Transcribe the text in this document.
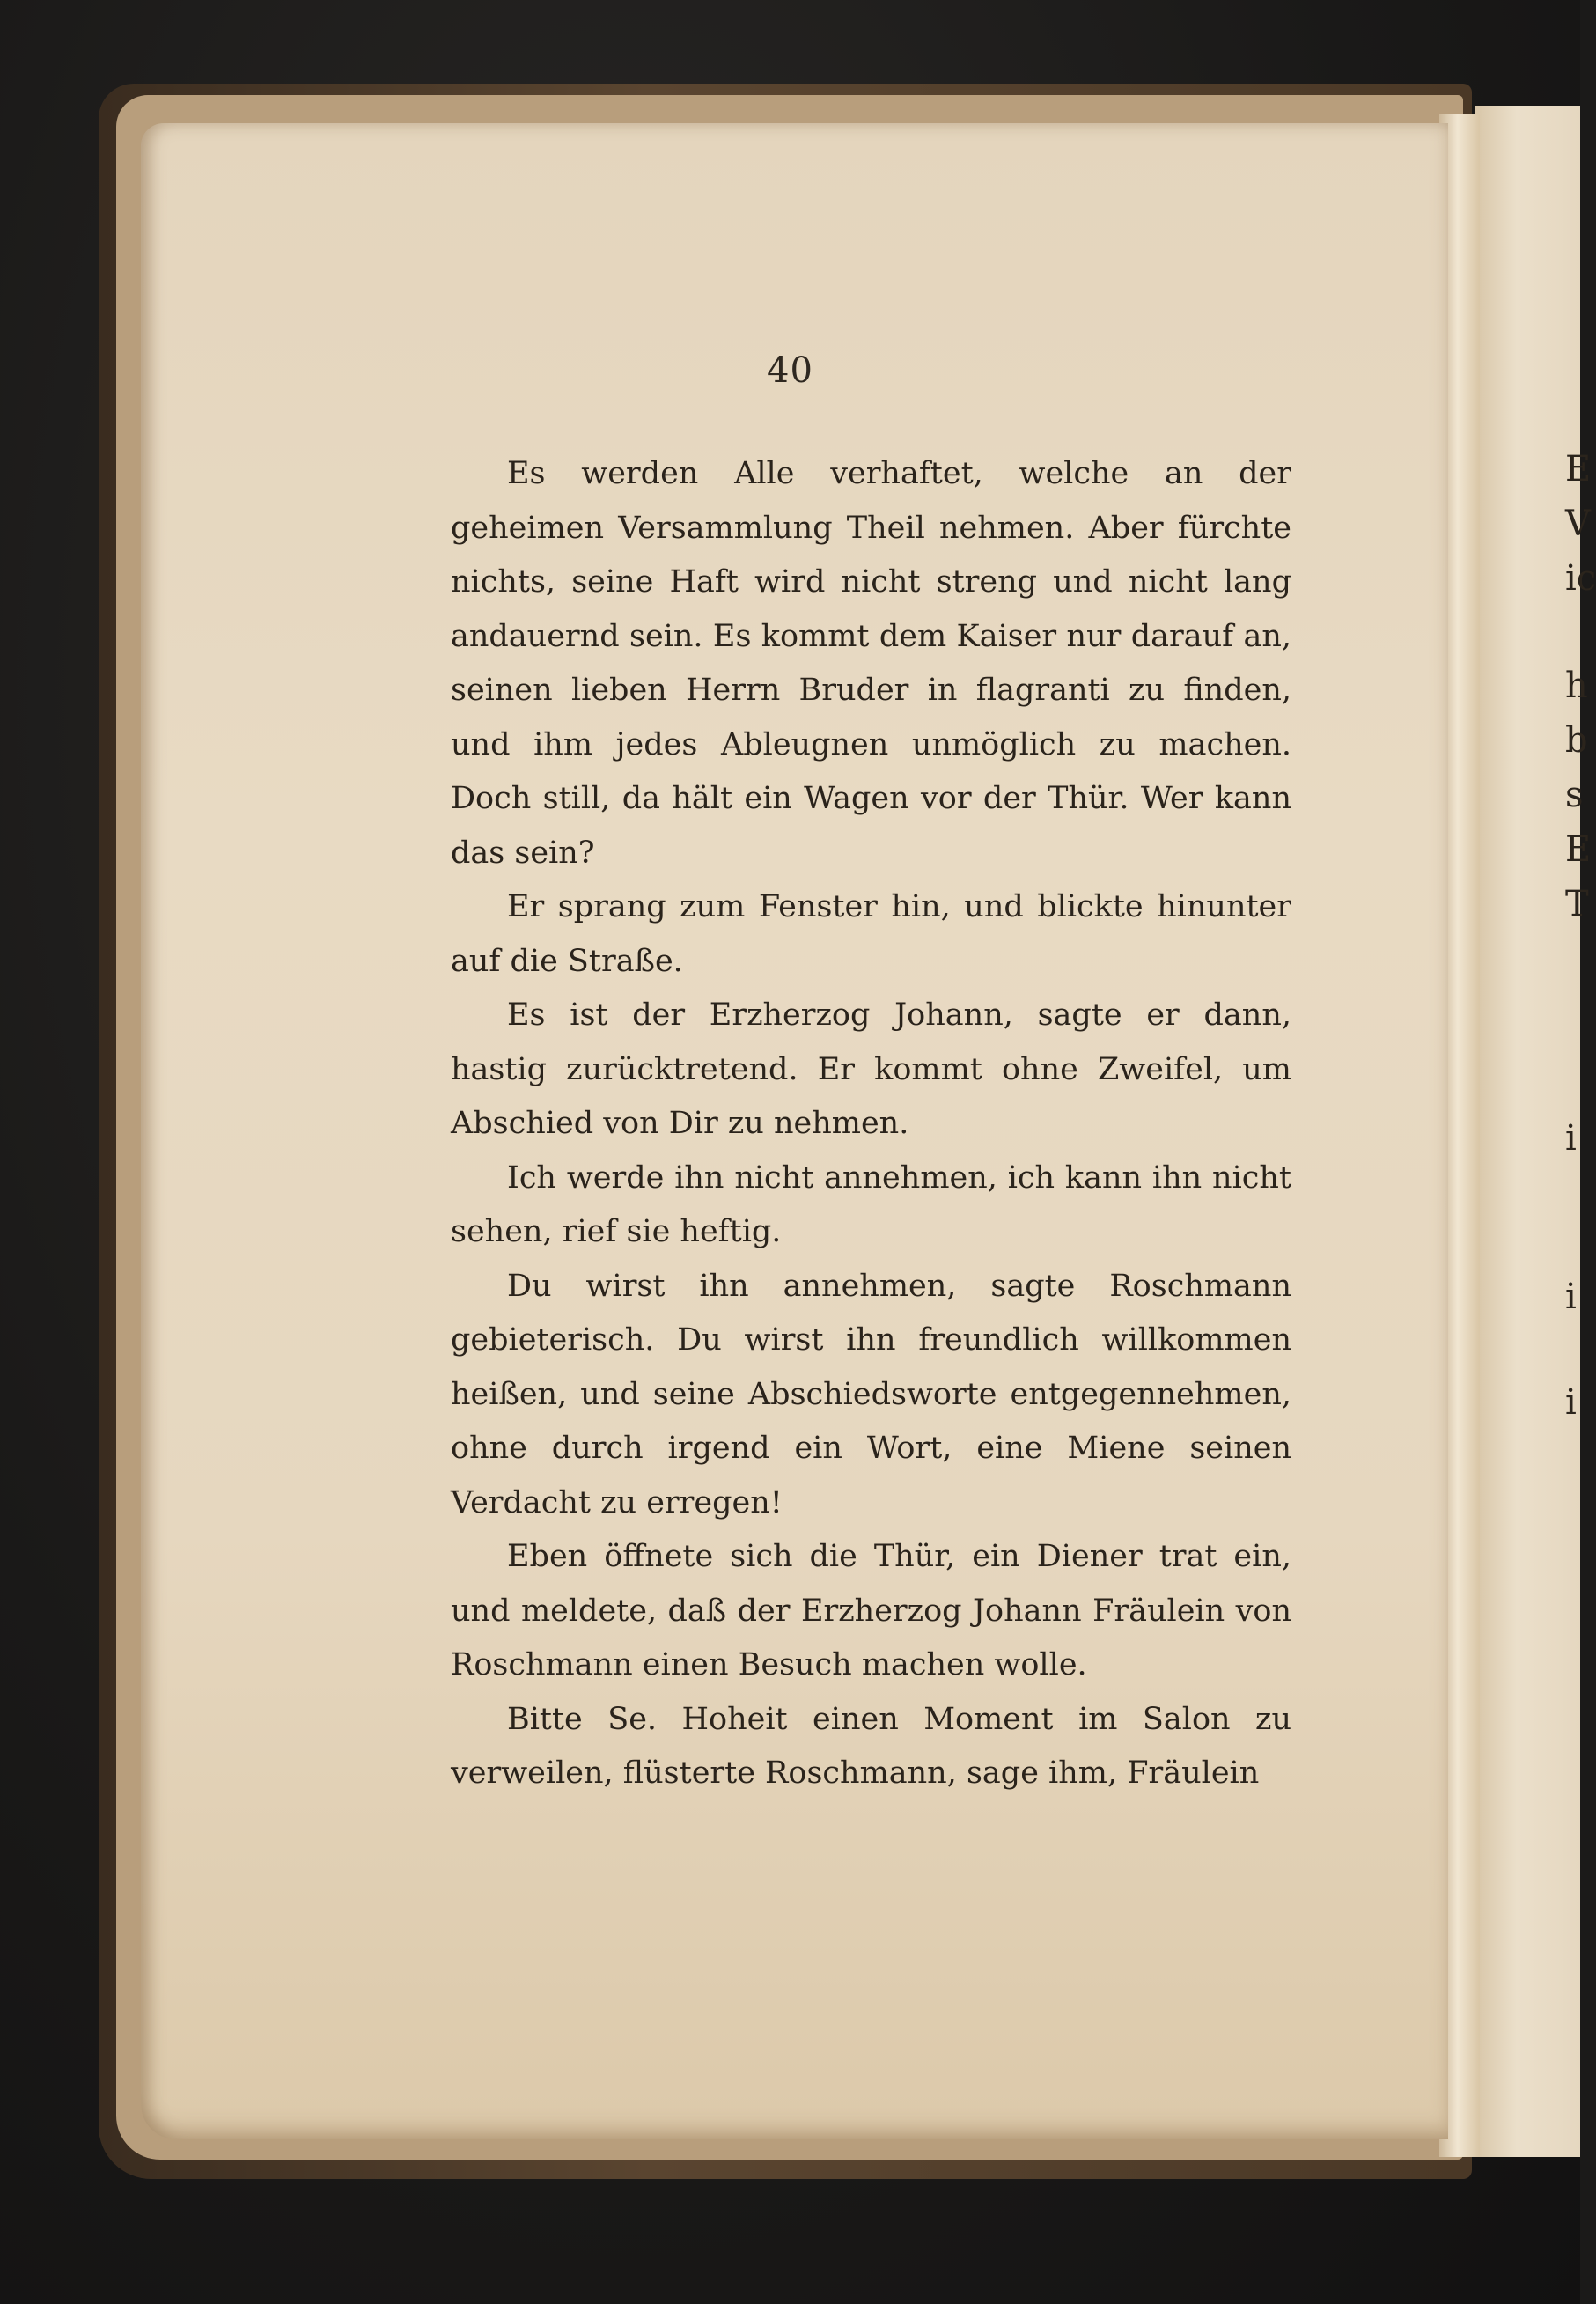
40

Es werden Alle verhaftet, welche an der geheimen Versammlung Theil nehmen. Aber fürchte nichts, seine Haft wird nicht streng und nicht lang andauernd sein. Es kommt dem Kaiser nur darauf an, seinen lieben Herrn Bruder in flagranti zu finden, und ihm jedes Ableugnen unmöglich zu machen. Doch still, da hält ein Wagen vor der Thür. Wer kann das sein?

Er sprang zum Fenster hin, und blickte hinunter auf die Straße.

Es ist der Erzherzog Johann, sagte er dann, hastig zurücktretend. Er kommt ohne Zweifel, um Abschied von Dir zu nehmen.

Ich werde ihn nicht annehmen, ich kann ihn nicht sehen, rief sie heftig.

Du wirst ihn annehmen, sagte Roschmann gebieterisch. Du wirst ihn freundlich willkommen heißen, und seine Abschiedsworte entgegennehmen, ohne durch irgend ein Wort, eine Miene seinen Verdacht zu erregen!

Eben öffnete sich die Thür, ein Diener trat ein, und meldete, daß der Erzherzog Johann Fräulein von Roschmann einen Besuch machen wolle.

Bitte Se. Hoheit einen Moment im Salon zu verweilen, flüsterte Roschmann, sage ihm, Fräulein

E
V
ic
h
b
s
E
T
i
i
i
